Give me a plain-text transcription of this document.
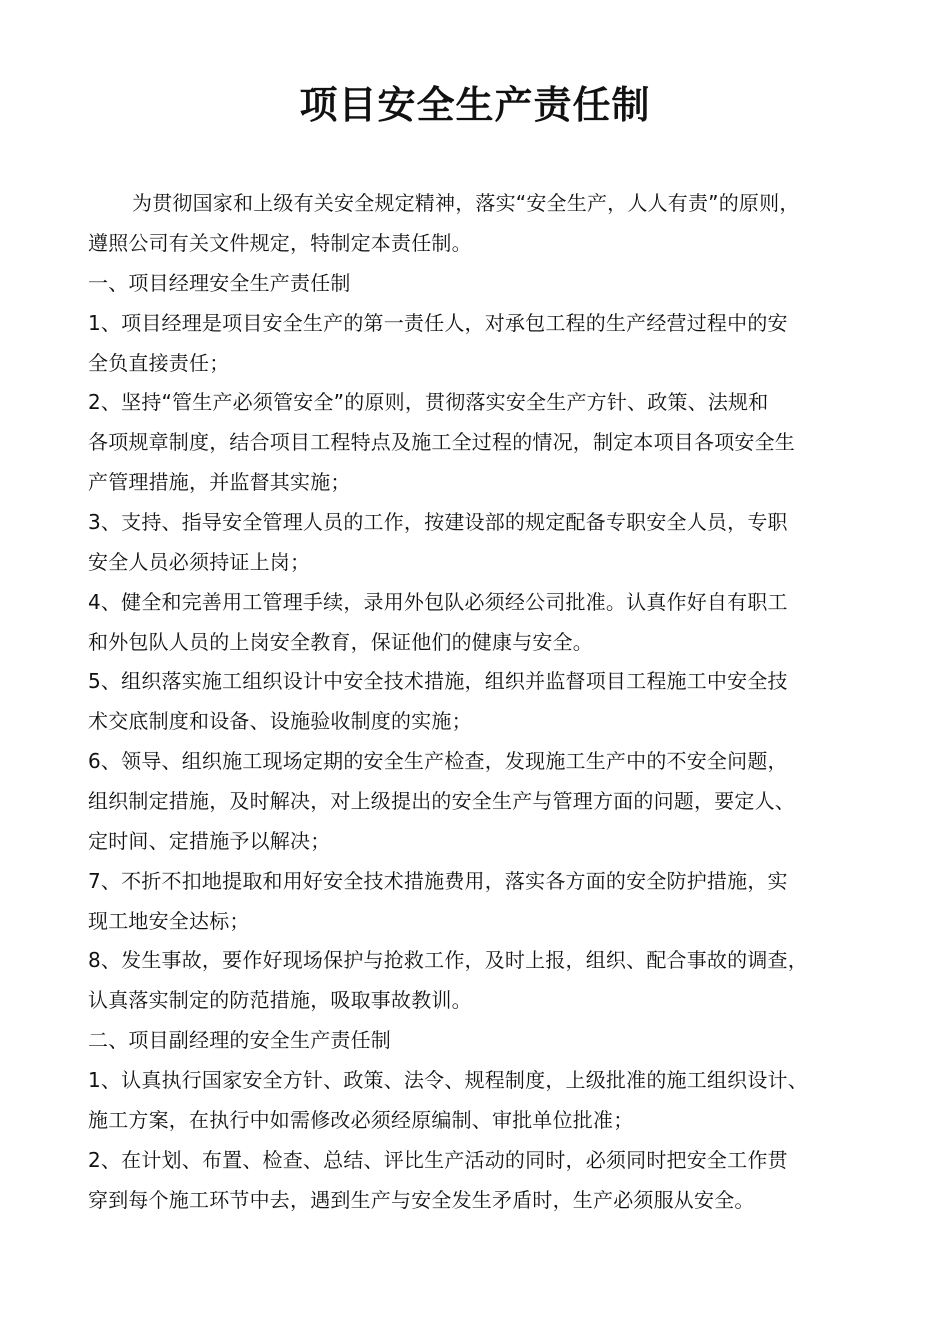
项目安全生产责任制
为贯彻国家和上级有关安全规定精神，落实“安全生产，人人有责”的原则，
遵照公司有关文件规定，特制定本责任制。
一、项目经理安全生产责任制
1、项目经理是项目安全生产的第一责任人，对承包工程的生产经营过程中的安
全负直接责任；
2、坚持“管生产必须管安全”的原则，贯彻落实安全生产方针、政策、法规和
各项规章制度，结合项目工程特点及施工全过程的情况，制定本项目各项安全生
产管理措施，并监督其实施；
3、支持、指导安全管理人员的工作，按建设部的规定配备专职安全人员，专职
安全人员必须持证上岗；
4、健全和完善用工管理手续，录用外包队必须经公司批准。认真作好自有职工
和外包队人员的上岗安全教育，保证他们的健康与安全。
5、组织落实施工组织设计中安全技术措施，组织并监督项目工程施工中安全技
术交底制度和设备、设施验收制度的实施；
6、领导、组织施工现场定期的安全生产检查，发现施工生产中的不安全问题，
组织制定措施，及时解决，对上级提出的安全生产与管理方面的问题，要定人、
定时间、定措施予以解决；
7、不折不扣地提取和用好安全技术措施费用，落实各方面的安全防护措施，实
现工地安全达标；
8、发生事故，要作好现场保护与抢救工作，及时上报，组织、配合事故的调查，
认真落实制定的防范措施，吸取事故教训。
二、项目副经理的安全生产责任制
1、认真执行国家安全方针、政策、法令、规程制度，上级批准的施工组织设计、
施工方案，在执行中如需修改必须经原编制、审批单位批准；
2、在计划、布置、检查、总结、评比生产活动的同时，必须同时把安全工作贯
穿到每个施工环节中去，遇到生产与安全发生矛盾时，生产必须服从安全。
